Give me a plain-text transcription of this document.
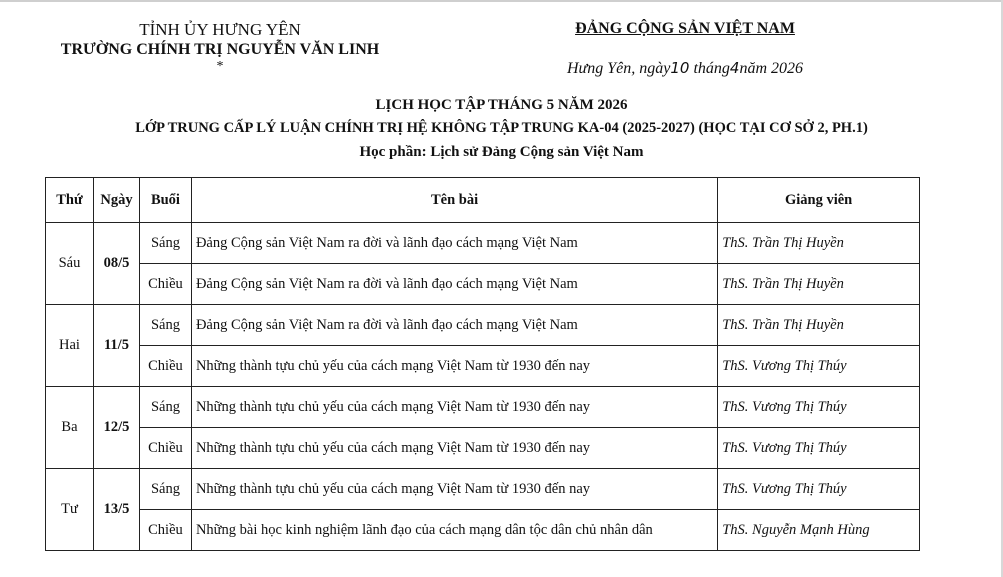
TỈNH ỦY HƯNG YÊN
TRƯỜNG CHÍNH TRỊ NGUYỄN VĂN LINH
*
ĐẢNG CỘNG SẢN VIỆT NAM
Hưng Yên, ngày10 tháng4năm 2026
LỊCH HỌC TẬP THÁNG 5 NĂM 2026
LỚP TRUNG CẤP LÝ LUẬN CHÍNH TRỊ HỆ KHÔNG TẬP TRUNG KA-04 (2025-2027) (HỌC TẠI CƠ SỞ 2, PH.1)
Học phần: Lịch sử Đảng Cộng sản Việt Nam
Thứ	Ngày	Buổi	Tên bài	Giảng viên
Sáu	08/5	Sáng	Đảng Cộng sản Việt Nam ra đời và lãnh đạo cách mạng Việt Nam	ThS. Trần Thị Huyền
		Chiều	Đảng Cộng sản Việt Nam ra đời và lãnh đạo cách mạng Việt Nam	ThS. Trần Thị Huyền
Hai	11/5	Sáng	Đảng Cộng sản Việt Nam ra đời và lãnh đạo cách mạng Việt Nam	ThS. Trần Thị Huyền
		Chiều	Những thành tựu chủ yếu của cách mạng Việt Nam từ 1930 đến nay	ThS. Vương Thị Thúy
Ba	12/5	Sáng	Những thành tựu chủ yếu của cách mạng Việt Nam từ 1930 đến nay	ThS. Vương Thị Thúy
		Chiều	Những thành tựu chủ yếu của cách mạng Việt Nam từ 1930 đến nay	ThS. Vương Thị Thúy
Tư	13/5	Sáng	Những thành tựu chủ yếu của cách mạng Việt Nam từ 1930 đến nay	ThS. Vương Thị Thúy
		Chiều	Những bài học kinh nghiệm lãnh đạo của cách mạng dân tộc dân chủ nhân dân	ThS. Nguyễn Mạnh Hùng
